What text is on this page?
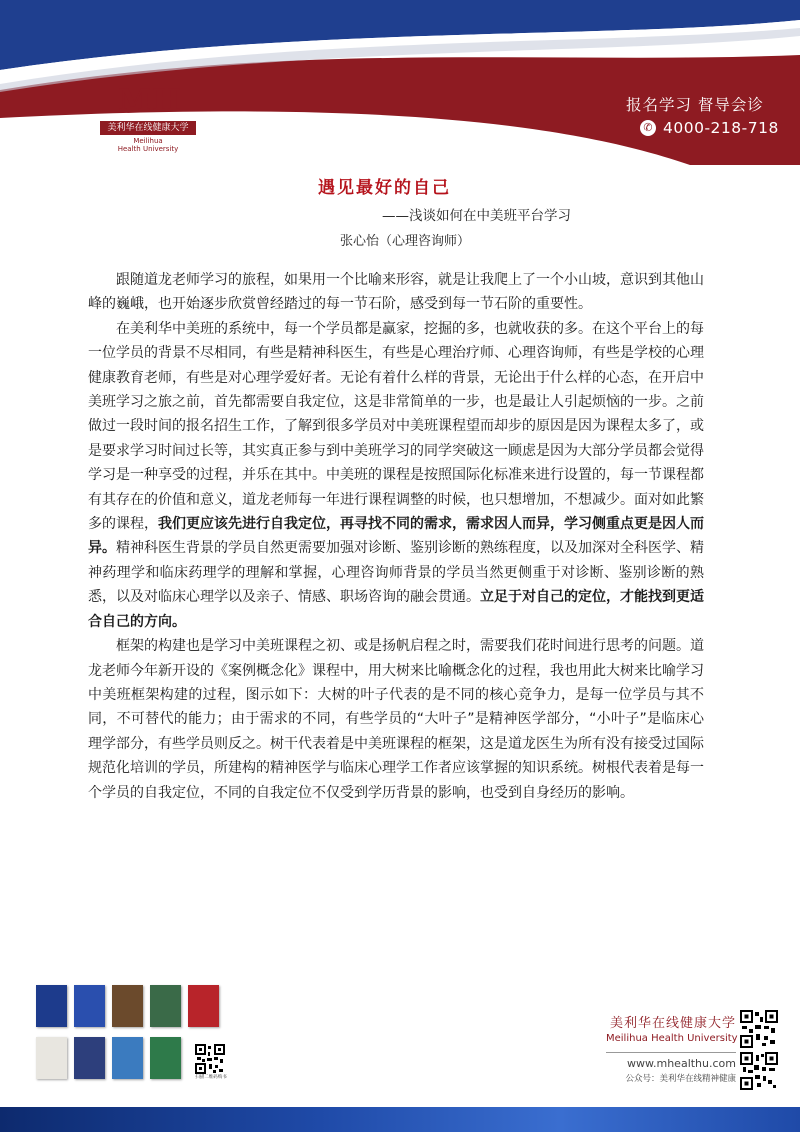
MH
美利华在线健康大学
Meilihua
Health University
报名学习 督导会诊
✆ 4000-218-718
遇见最好的自己
——浅谈如何在中美班平台学习
张心怡（心理咨询师）

跟随道龙老师学习的旅程，如果用一个比喻来形容，就是让我爬上了一个小山坡，意识到其他山峰的巍峨，也开始逐步欣赏曾经踏过的每一节石阶，感受到每一节石阶的重要性。

在美利华中美班的系统中，每一个学员都是赢家，挖掘的多，也就收获的多。在这个平台上的每一位学员的背景不尽相同，有些是精神科医生，有些是心理治疗师、心理咨询师，有些是学校的心理健康教育老师，有些是对心理学爱好者。无论有着什么样的背景，无论出于什么样的心态，在开启中美班学习之旅之前，首先都需要自我定位，这是非常简单的一步，也是最让人引起烦恼的一步。之前做过一段时间的报名招生工作，了解到很多学员对中美班课程望而却步的原因是因为课程太多了，或是要求学习时间过长等，其实真正参与到中美班学习的同学突破这一顾虑是因为大部分学员都会觉得学习是一种享受的过程，并乐在其中。中美班的课程是按照国际化标准来进行设置的，每一节课程都有其存在的价值和意义，道龙老师每一年进行课程调整的时候，也只想增加，不想减少。面对如此繁多的课程，我们更应该先进行自我定位，再寻找不同的需求，需求因人而异，学习侧重点更是因人而异。精神科医生背景的学员自然更需要加强对诊断、鉴别诊断的熟练程度，以及加深对全科医学、精神药理学和临床药理学的理解和掌握，心理咨询师背景的学员当然更侧重于对诊断、鉴别诊断的熟悉，以及对临床心理学以及亲子、情感、职场咨询的融会贯通。立足于对自己的定位，才能找到更适合自己的方向。

框架的构建也是学习中美班课程之初、或是扬帆启程之时，需要我们花时间进行思考的问题。道龙老师今年新开设的《案例概念化》课程中，用大树来比喻概念化的过程，我也用此大树来比喻学习中美班框架构建的过程，图示如下：大树的叶子代表的是不同的核心竞争力，是每一位学员与其不同，不可替代的能力；由于需求的不同，有些学员的“大叶子”是精神医学部分，“小叶子”是临床心理学部分，有些学员则反之。树干代表着是中美班课程的框架，这是道龙医生为所有没有接受过国际规范化培训的学员，所建构的精神医学与临床心理学工作者应该掌握的知识系统。树根代表着是每一个学员的自我定位，不同的自我定位不仅受到学历背景的影响，也受到自身经历的影响。

扫描二维码购书
美利华在线健康大学
Meilihua Health University
www.mhealthu.com
公众号：美利华在线精神健康
